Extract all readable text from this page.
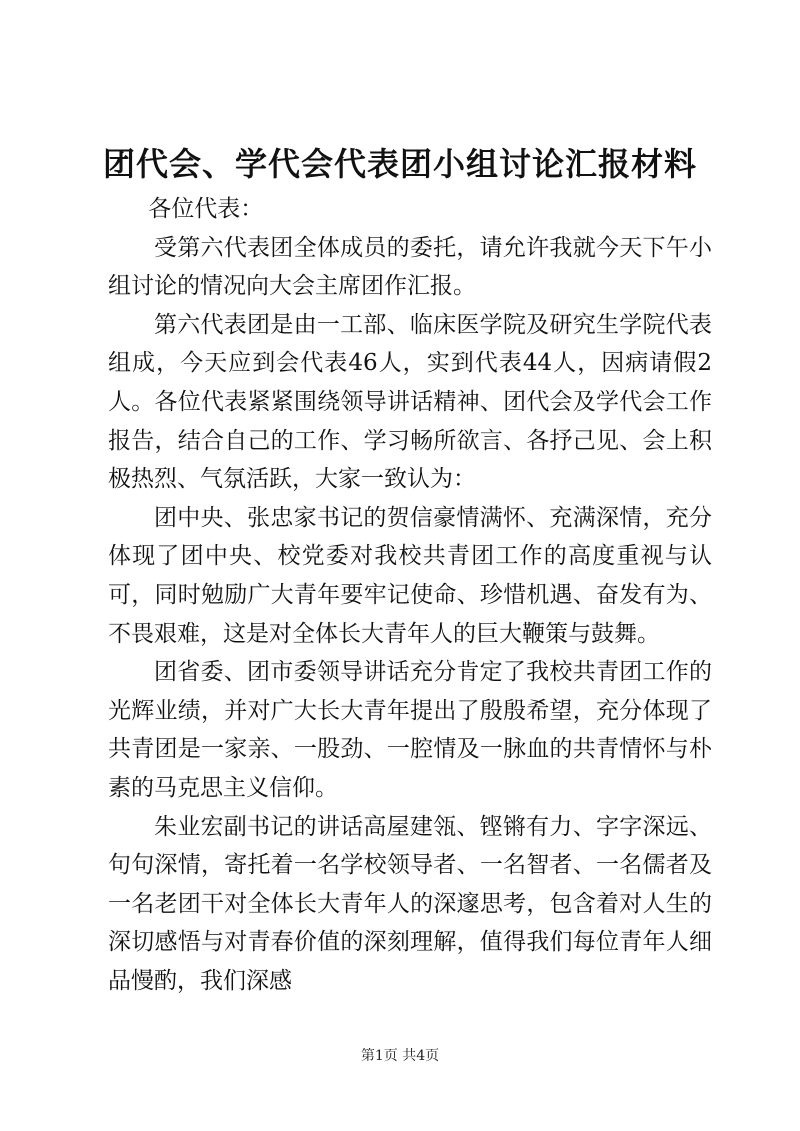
团代会、学代会代表团小组讨论汇报材料

各位代表：

受第六代表团全体成员的委托，请允许我就今天下午小组讨论的情况向大会主席团作汇报。

第六代表团是由一工部、临床医学院及研究生学院代表组成，今天应到会代表46人，实到代表44人，因病请假2人。各位代表紧紧围绕领导讲话精神、团代会及学代会工作报告，结合自己的工作、学习畅所欲言、各抒己见、会上积极热烈、气氛活跃，大家一致认为：

团中央、张忠家书记的贺信豪情满怀、充满深情，充分体现了团中央、校党委对我校共青团工作的高度重视与认可，同时勉励广大青年要牢记使命、珍惜机遇、奋发有为、不畏艰难，这是对全体长大青年人的巨大鞭策与鼓舞。

团省委、团市委领导讲话充分肯定了我校共青团工作的光辉业绩，并对广大长大青年提出了殷殷希望，充分体现了共青团是一家亲、一股劲、一腔情及一脉血的共青情怀与朴素的马克思主义信仰。

朱业宏副书记的讲话高屋建瓴、铿锵有力、字字深远、句句深情，寄托着一名学校领导者、一名智者、一名儒者及一名老团干对全体长大青年人的深邃思考，包含着对人生的深切感悟与对青春价值的深刻理解，值得我们每位青年人细品慢酌，我们深感

第1页 共4页
